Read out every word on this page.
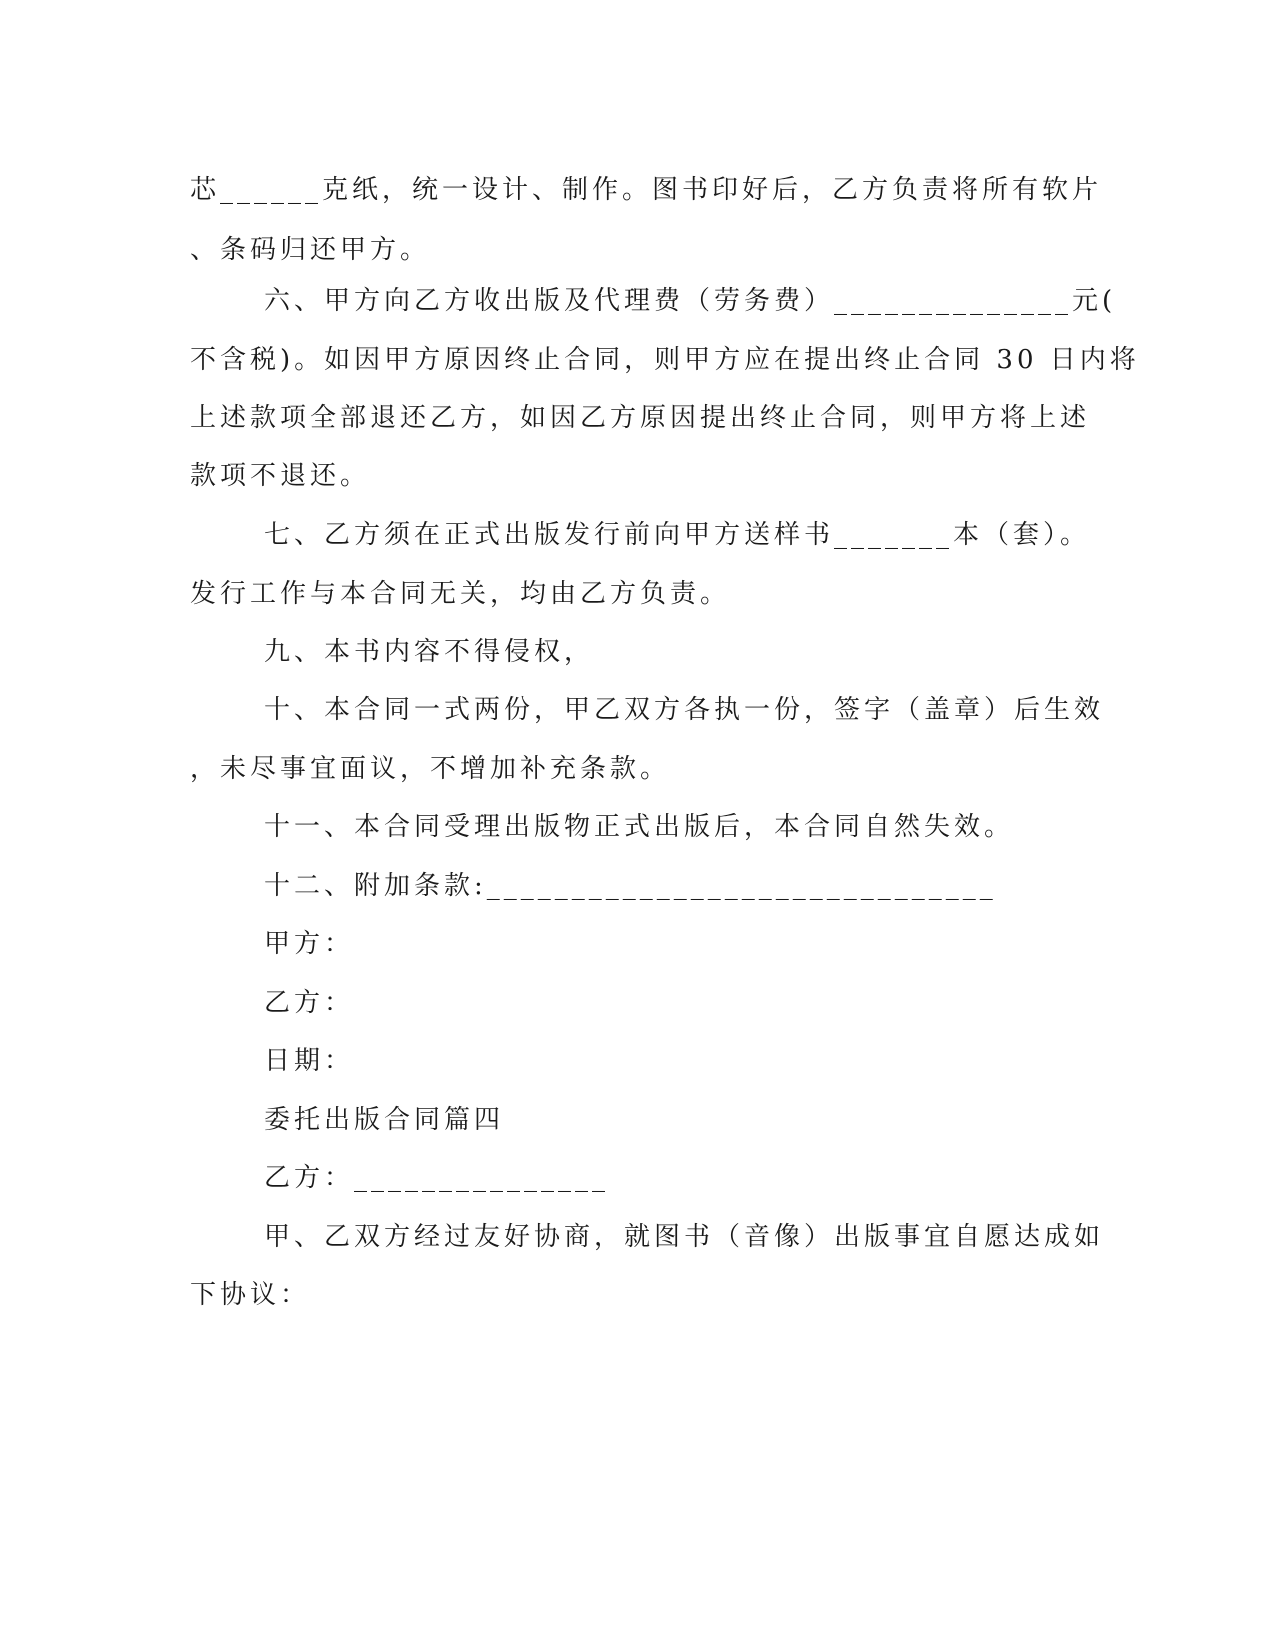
芯______克纸，统一设计、制作。图书印好后，乙方负责将所有软片
、条码归还甲方。
六、甲方向乙方收出版及代理费（劳务费）______________元(
不含税)。如因甲方原因终止合同，则甲方应在提出终止合同 30 日内将
上述款项全部退还乙方，如因乙方原因提出终止合同，则甲方将上述
款项不退还。
七、乙方须在正式出版发行前向甲方送样书_______本（套）。
发行工作与本合同无关，均由乙方负责。
九、本书内容不得侵权，
十、本合同一式两份，甲乙双方各执一份，签字（盖章）后生效
，未尽事宜面议，不增加补充条款。
十一、本合同受理出版物正式出版后，本合同自然失效。
十二、附加条款:______________________________
甲方：
乙方：
日期：
委托出版合同篇四
乙方：_______________
甲、乙双方经过友好协商，就图书（音像）出版事宜自愿达成如
下协议：
